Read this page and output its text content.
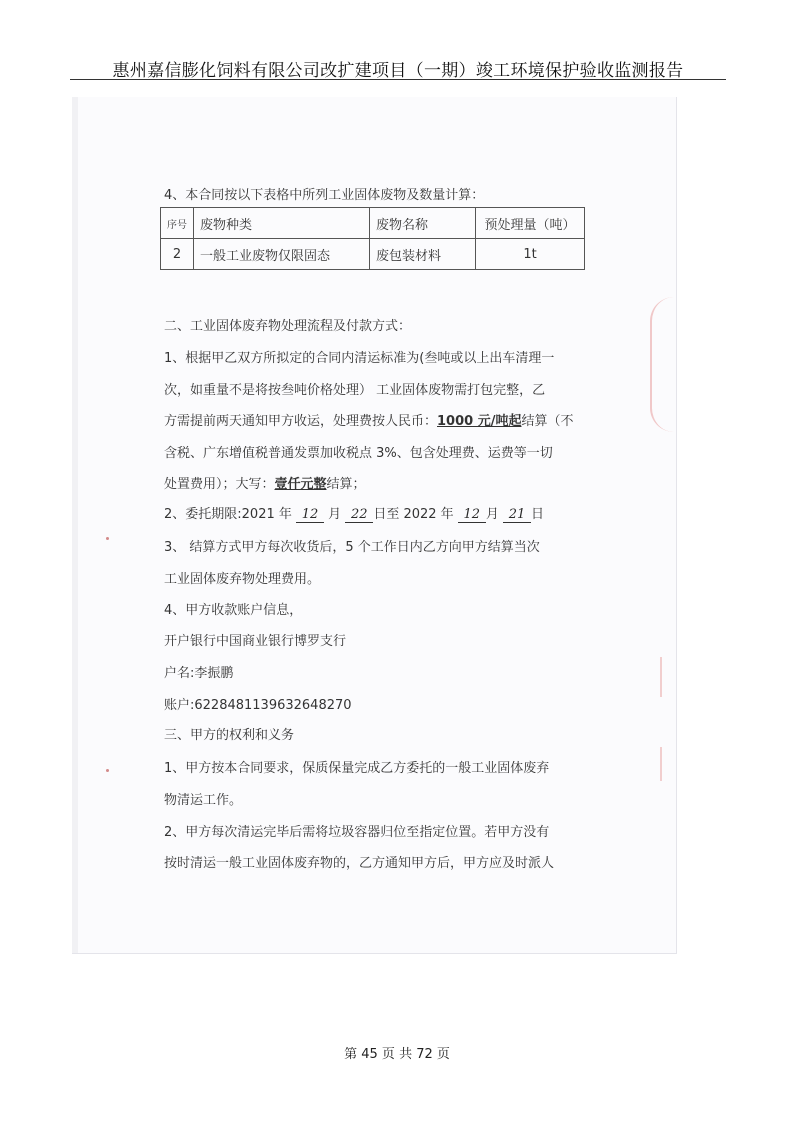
惠州嘉信膨化饲料有限公司改扩建项目（一期）竣工环境保护验收监测报告
4、本合同按以下表格中所列工业固体废物及数量计算：
序号	废物种类	废物名称	预处理量（吨）
2	一般工业废物仅限固态	废包装材料	1t
二、工业固体废弃物处理流程及付款方式：
1、根据甲乙双方所拟定的合同内清运标准为(叁吨或以上出车清理一
次，如重量不是将按叁吨价格处理） 工业固体废物需打包完整，乙
方需提前两天通知甲方收运，处理费按人民币：1000 元/吨起结算（不
含税、广东增值税普通发票加收税点 3%、包含处理费、运费等一切
处置费用）；大写：壹仟元整结算；
2、委托期限:2021 年 12 月 22 日至 2022 年 12 月 21 日
3、 结算方式甲方每次收货后，5 个工作日内乙方向甲方结算当次
工业固体废弃物处理费用。
4、甲方收款账户信息，
开户银行中国商业银行博罗支行
户名:李振鹏
账户:6228481139632648270
三、甲方的权利和义务
1、甲方按本合同要求，保质保量完成乙方委托的一般工业固体废弃
物清运工作。
2、甲方每次清运完毕后需将垃圾容器归位至指定位置。若甲方没有
按时清运一般工业固体废弃物的，乙方通知甲方后，甲方应及时派人
第 45 页 共 72 页
